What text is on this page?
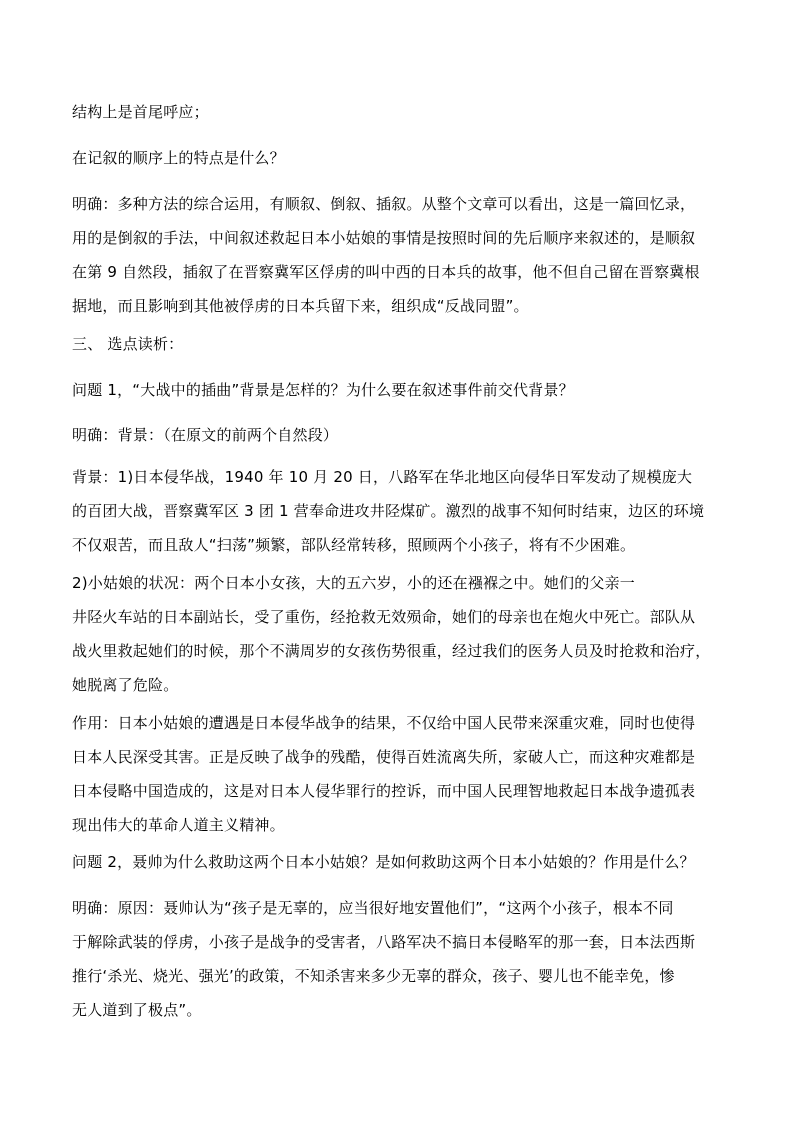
结构上是首尾呼应；

在记叙的顺序上的特点是什么？

明确：多种方法的综合运用，有顺叙、倒叙、插叙。从整个文章可以看出，这是一篇回忆录，
用的是倒叙的手法，中间叙述救起日本小姑娘的事情是按照时间的先后顺序来叙述的，是顺叙
在第 9 自然段，插叙了在晋察冀军区俘虏的叫中西的日本兵的故事，他不但自己留在晋察冀根
据地，而且影响到其他被俘虏的日本兵留下来，组织成“反战同盟”。

三、 选点读析：

问题 1，“大战中的插曲”背景是怎样的？为什么要在叙述事件前交代背景？

明确：背景：（在原文的前两个自然段）

背景：1)日本侵华战，1940 年 10 月 20 日，八路军在华北地区向侵华日军发动了规模庞大
的百团大战，晋察冀军区 3 团 1 营奉命进攻井陉煤矿。激烈的战事不知何时结束，边区的环境
不仅艰苦，而且敌人“扫荡”频繁，部队经常转移，照顾两个小孩子，将有不少困难。

2)小姑娘的状况：两个日本小女孩，大的五六岁，小的还在襁褓之中。她们的父亲一
井陉火车站的日本副站长，受了重伤，经抢救无效殒命，她们的母亲也在炮火中死亡。部队从
战火里救起她们的时候，那个不满周岁的女孩伤势很重，经过我们的医务人员及时抢救和治疗，
她脱离了危险。

作用：日本小姑娘的遭遇是日本侵华战争的结果，不仅给中国人民带来深重灾难，同时也使得
日本人民深受其害。正是反映了战争的残酷，使得百姓流离失所，家破人亡，而这种灾难都是
日本侵略中国造成的，这是对日本人侵华罪行的控诉，而中国人民理智地救起日本战争遗孤表
现出伟大的革命人道主义精神。

问题 2，聂帅为什么救助这两个日本小姑娘？是如何救助这两个日本小姑娘的？作用是什么？

明确：原因：聂帅认为“孩子是无辜的，应当很好地安置他们”，“这两个小孩子，根本不同
于解除武装的俘虏，小孩子是战争的受害者，八路军决不搞日本侵略军的那一套，日本法西斯
推行‘杀光、烧光、强光’的政策，不知杀害来多少无辜的群众，孩子、婴儿也不能幸免，惨
无人道到了极点”。
